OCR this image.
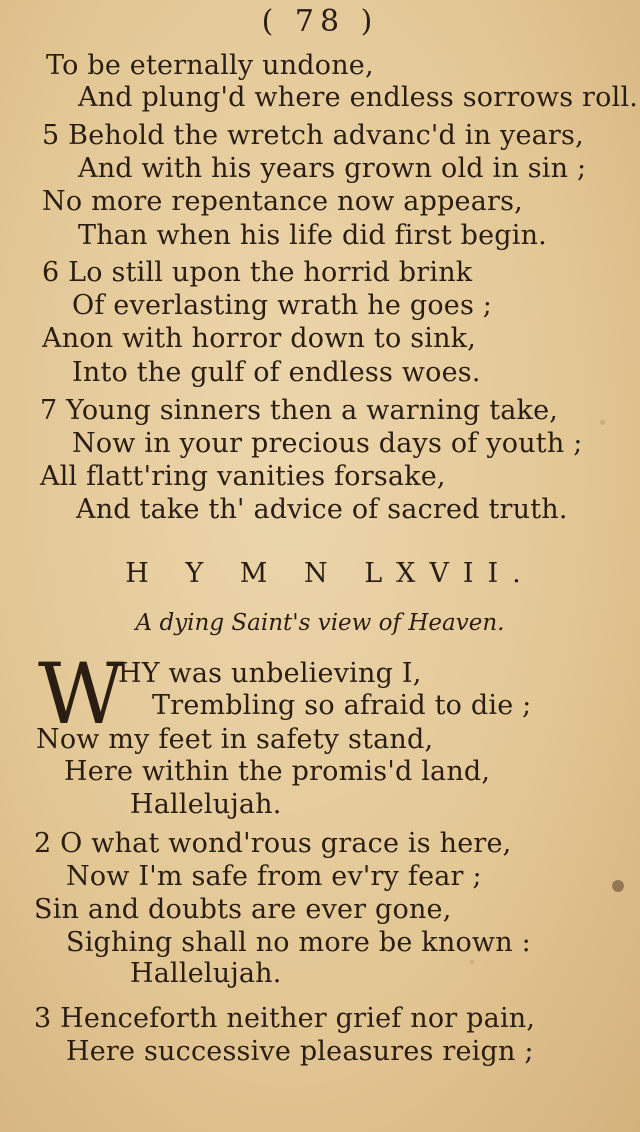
( 78 )
To be eternally undone,
And plung'd where endless sorrows roll.
5 Behold the wretch advanc'd in years,
And with his years grown old in sin ;
No more repentance now appears,
Than when his life did first begin.
6 Lo still upon the horrid brink
Of everlasting wrath he goes ;
Anon with horror down to sink,
Into the gulf of endless woes.
7 Young sinners then a warning take,
Now in your precious days of youth ;
All flatt'ring vanities forsake,
And take th' advice of sacred truth.
H Y M N LXVII.
A dying Saint's view of Heaven.
W
HY was unbelieving I,
Trembling so afraid to die ;
Now my feet in safety stand,
Here within the promis'd land,
Hallelujah.
2 O what wond'rous grace is here,
Now I'm safe from ev'ry fear ;
Sin and doubts are ever gone,
Sighing shall no more be known :
Hallelujah.
3 Henceforth neither grief nor pain,
Here successive pleasures reign ;
